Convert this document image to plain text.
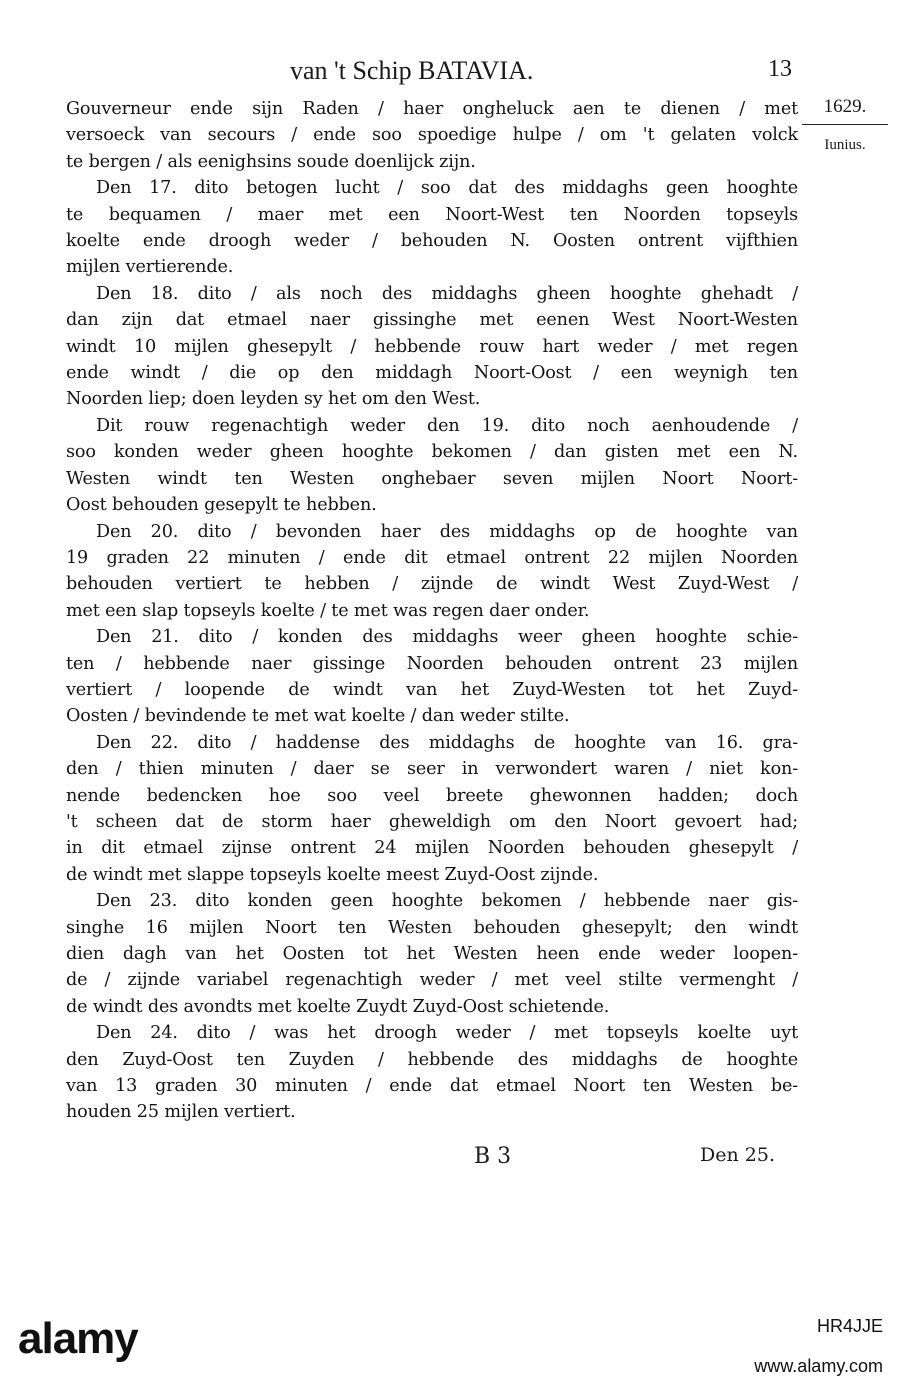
van 't Schip BATAVIA.	13
1629.
Iunius.

Gouverneur ende sijn Raden / haer ongheluck aen te dienen / met
versoeck van secours / ende soo spoedige hulpe / om 't gelaten volck
te bergen / als eenighsins soude doenlijck zijn.

Den 17. dito betogen lucht / soo dat des middaghs geen hooghte
te bequamen / maer met een Noort-West ten Noorden topseyls
koelte ende droogh weder / behouden N. Oosten ontrent vijfthien
mijlen vertierende.

Den 18. dito / als noch des middaghs gheen hooghte ghehadt /
dan zijn dat etmael naer gissinghe met eenen West Noort-Westen
windt 10 mijlen ghesepylt / hebbende rouw hart weder / met regen
ende windt / die op den middagh Noort-Oost / een weynigh ten
Noorden liep; doen leyden sy het om den West.

Dit rouw regenachtigh weder den 19. dito noch aenhoudende /
soo konden weder gheen hooghte bekomen / dan gisten met een N.
Westen windt ten Westen onghebaer seven mijlen Noort Noort-
Oost behouden gesepylt te hebben.

Den 20. dito / bevonden haer des middaghs op de hooghte van
19 graden 22 minuten / ende dit etmael ontrent 22 mijlen Noorden
behouden vertiert te hebben / zijnde de windt West Zuyd-West /
met een slap topseyls koelte / te met was regen daer onder.

Den 21. dito / konden des middaghs weer gheen hooghte schie-
ten / hebbende naer gissinge Noorden behouden ontrent 23 mijlen
vertiert / loopende de windt van het Zuyd-Westen tot het Zuyd-
Oosten / bevindende te met wat koelte / dan weder stilte.

Den 22. dito / haddense des middaghs de hooghte van 16. gra-
den / thien minuten / daer se seer in verwondert waren / niet kon-
nende bedencken hoe soo veel breete ghewonnen hadden; doch
't scheen dat de storm haer gheweldigh om den Noort gevoert had;
in dit etmael zijnse ontrent 24 mijlen Noorden behouden ghesepylt /
de windt met slappe topseyls koelte meest Zuyd-Oost zijnde.

Den 23. dito konden geen hooghte bekomen / hebbende naer gis-
singhe 16 mijlen Noort ten Westen behouden ghesepylt; den windt
dien dagh van het Oosten tot het Westen heen ende weder loopen-
de / zijnde variabel regenachtigh weder / met veel stilte vermenght /
de windt des avondts met koelte Zuydt Zuyd-Oost schietende.

Den 24. dito / was het droogh weder / met topseyls koelte uyt
den Zuyd-Oost ten Zuyden / hebbende des middaghs de hooghte
van 13 graden 30 minuten / ende dat etmael Noort ten Westen be-
houden 25 mijlen vertiert.

B 3	Den 25.
alamy	HR4JJE
www.alamy.com
